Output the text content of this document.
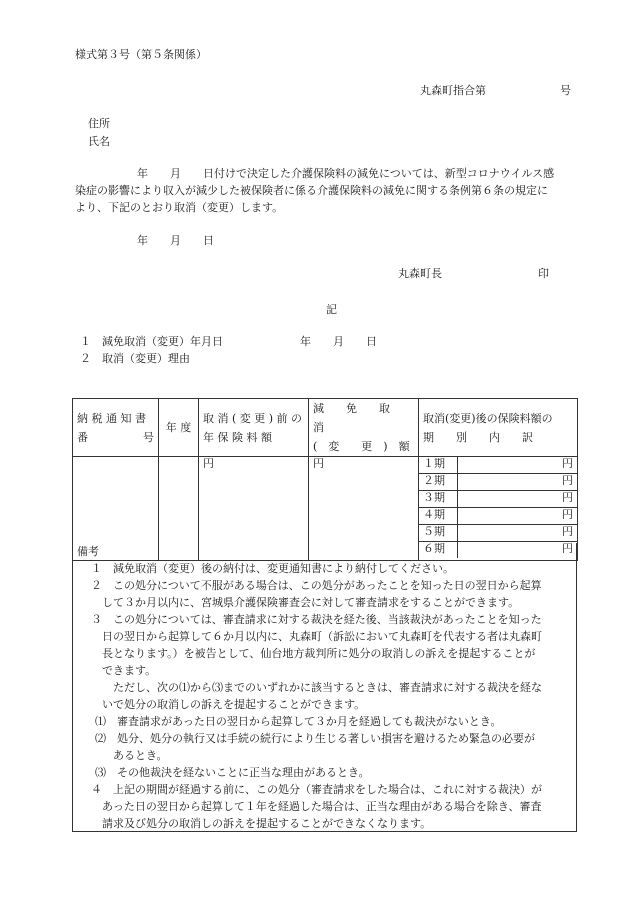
様式第３号（第５条関係）
丸森町指合第	号
住所
氏名
年　　月　　日付けで決定した介護保険料の減免については、新型コロナウイルス感
染症の影響により収入が減少した被保険者に係る介護保険料の減免に関する条例第６条の規定に
より、下記のとおり取消（変更）します。
年　　月　　日
丸森町長	印
記
１ 減免取消（変更）年月日	年　　月　　日
２ 取消（変更）理由
納 税 通 知 書
番　　　　　号
	年 度	
取 消 ( 変 更 ) 前 の
年 保 険 料 額

減　　免　　取　　消
(　変　　更　)　額

取消(変更)後の保険料額の
期　　別　　内　　訳

		円	円		１期	円
２期	円
３期	円
４期	円
５期	円
６期	円
備考
１　減免取消（変更）後の納付は、変更通知書により納付してください。
２　この処分について不服がある場合は、この処分があったことを知った日の翌日から起算
して３か月以内に、宮城県介護保険審査会に対して審査請求をすることができます。
３　この処分については、審査請求に対する裁決を経た後、当該裁決があったことを知った
日の翌日から起算して６か月以内に、丸森町（訴訟において丸森町を代表する者は丸森町
長となります。）を被告として、仙台地方裁判所に処分の取消しの訴えを提起することが
できます。
ただし、次の⑴から⑶までのいずれかに該当するときは、審査請求に対する裁決を経な
いで処分の取消しの訴えを提起することができます。
⑴　審査請求があった日の翌日から起算して３か月を経過しても裁決がないとき。
⑵　処分、処分の執行又は手続の続行により生じる著しい損害を避けるため緊急の必要が
あるとき。
⑶　その他裁決を経ないことに正当な理由があるとき。
４　上記の期間が経過する前に、この処分（審査請求をした場合は、これに対する裁決）が
あった日の翌日から起算して１年を経過した場合は、正当な理由がある場合を除き、審査
請求及び処分の取消しの訴えを提起することができなくなります。
